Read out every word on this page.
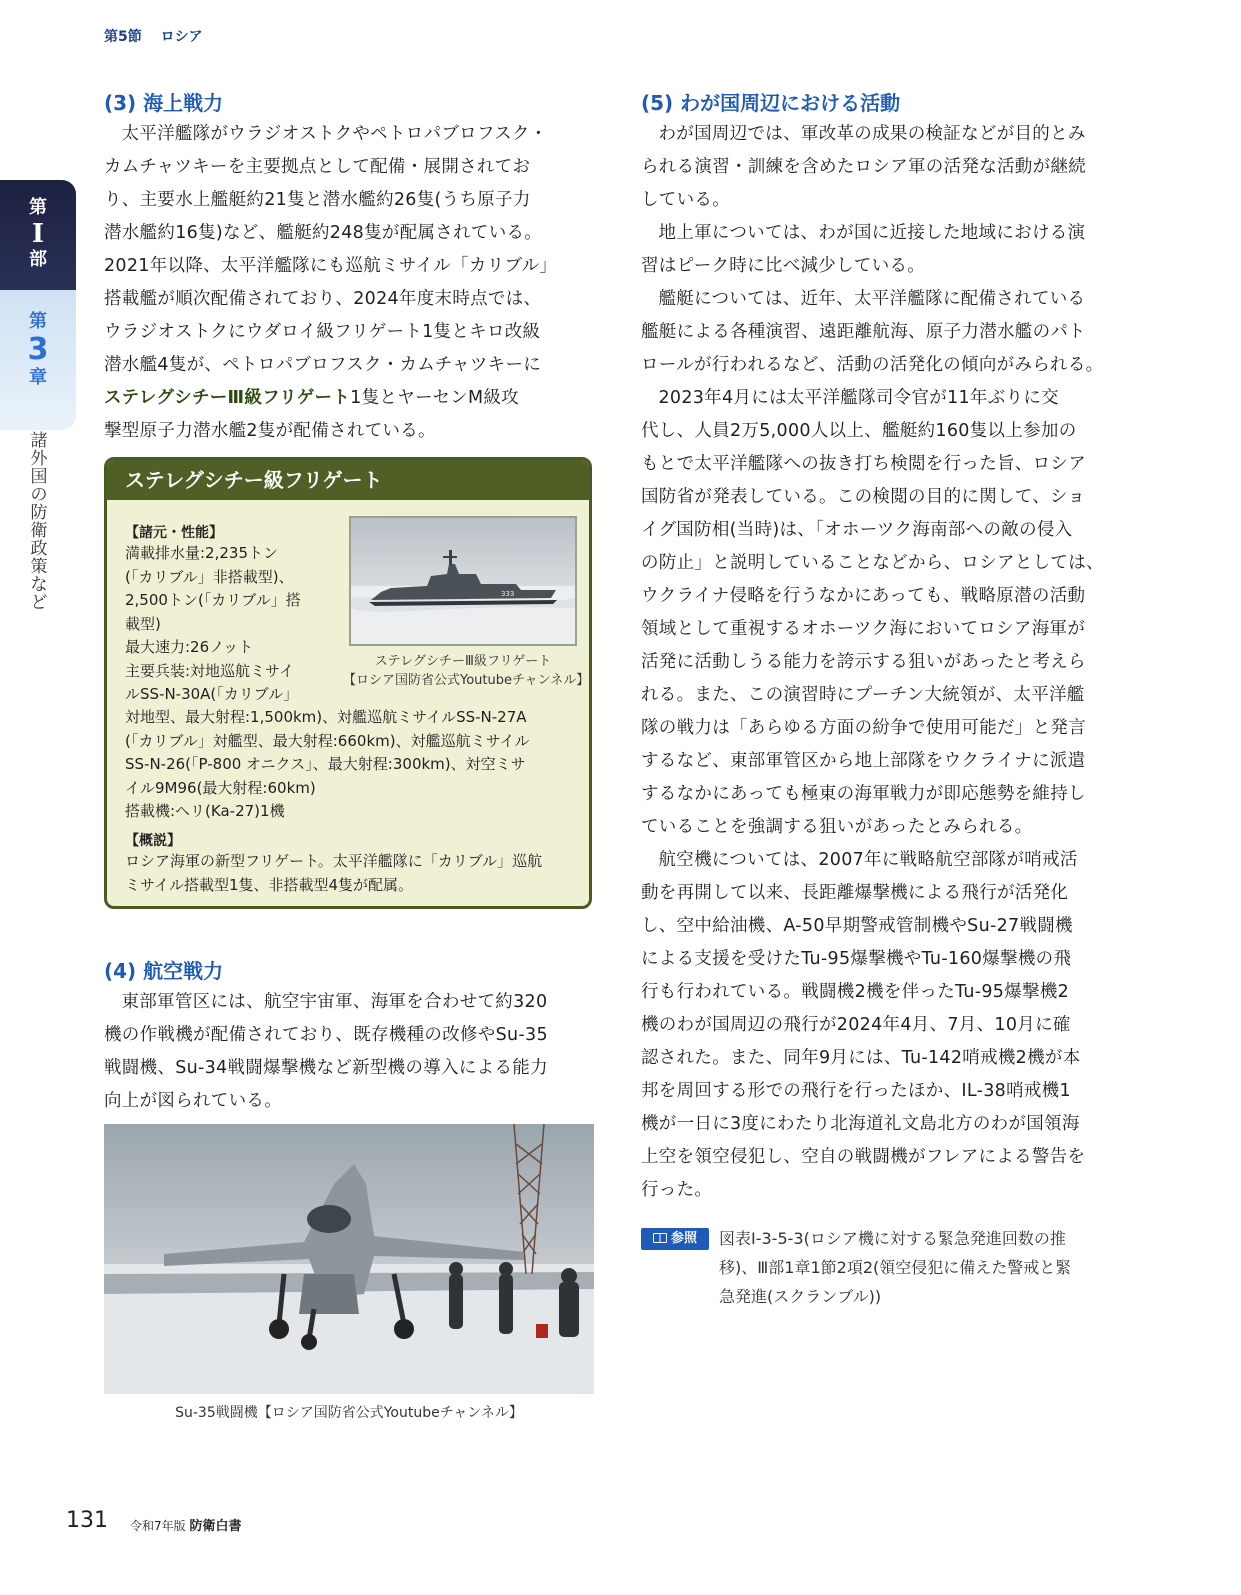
第5節 ロシア
第
I
部
第
3
章
諸
外
国
の
防
衛
政
策
な
ど
(3) 海上戦力
太平洋艦隊がウラジオストクやペトロパブロフスク・
カムチャツキーを主要拠点として配備・展開されてお
り、主要水上艦艇約21隻と潜水艦約26隻(うち原子力
潜水艦約16隻)など、艦艇約248隻が配属されている。
2021年以降、太平洋艦隊にも巡航ミサイル「カリブル」
搭載艦が順次配備されており、2024年度末時点では、
ウラジオストクにウダロイ級フリゲート1隻とキロ改級
潜水艦4隻が、ペトロパブロフスク・カムチャツキーに
ステレグシチーⅢ級フリゲート1隻とヤーセンM級攻
撃型原子力潜水艦2隻が配備されている。
ステレグシチー級フリゲート
【諸元・性能】
満載排水量:2,235トン
(「カリブル」非搭載型)、
2,500トン(「カリブル」搭
載型)
最大速力:26ノット
主要兵装:対地巡航ミサイ
ルSS-N-30A(「カリブル」
対地型、最大射程:1,500km)、対艦巡航ミサイルSS-N-27A
(「カリブル」対艦型、最大射程:660km)、対艦巡航ミサイル
SS-N-26(「P-800 オニクス」、最大射程:300km)、対空ミサ
イル9M96(最大射程:60km)
搭載機:ヘリ(Ka-27)1機
【概説】
ロシア海軍の新型フリゲート。太平洋艦隊に「カリブル」巡航
ミサイル搭載型1隻、非搭載型4隻が配属。
333
ステレグシチーⅢ級フリゲート
【ロシア国防省公式Youtubeチャンネル】
(4) 航空戦力
東部軍管区には、航空宇宙軍、海軍を合わせて約320
機の作戦機が配備されており、既存機種の改修やSu-35
戦闘機、Su-34戦闘爆撃機など新型機の導入による能力
向上が図られている。
Su-35戦闘機【ロシア国防省公式Youtubeチャンネル】
(5) わが国周辺における活動
わが国周辺では、軍改革の成果の検証などが目的とみ
られる演習・訓練を含めたロシア軍の活発な活動が継続
している。
地上軍については、わが国に近接した地域における演
習はピーク時に比べ減少している。
艦艇については、近年、太平洋艦隊に配備されている
艦艇による各種演習、遠距離航海、原子力潜水艦のパト
ロールが行われるなど、活動の活発化の傾向がみられる。
2023年4月には太平洋艦隊司令官が11年ぶりに交
代し、人員2万5,000人以上、艦艇約160隻以上参加の
もとで太平洋艦隊への抜き打ち検閲を行った旨、ロシア
国防省が発表している。この検閲の目的に関して、ショ
イグ国防相(当時)は、「オホーツク海南部への敵の侵入
の防止」と説明していることなどから、ロシアとしては、
ウクライナ侵略を行うなかにあっても、戦略原潜の活動
領域として重視するオホーツク海においてロシア海軍が
活発に活動しうる能力を誇示する狙いがあったと考えら
れる。また、この演習時にプーチン大統領が、太平洋艦
隊の戦力は「あらゆる方面の紛争で使用可能だ」と発言
するなど、東部軍管区から地上部隊をウクライナに派遣
するなかにあっても極東の海軍戦力が即応態勢を維持し
ていることを強調する狙いがあったとみられる。
航空機については、2007年に戦略航空部隊が哨戒活
動を再開して以来、長距離爆撃機による飛行が活発化
し、空中給油機、A-50早期警戒管制機やSu-27戦闘機
による支援を受けたTu-95爆撃機やTu-160爆撃機の飛
行も行われている。戦闘機2機を伴ったTu-95爆撃機2
機のわが国周辺の飛行が2024年4月、7月、10月に確
認された。また、同年9月には、Tu-142哨戒機2機が本
邦を周回する形での飛行を行ったほか、IL-38哨戒機1
機が一日に3度にわたり北海道礼文島北方のわが国領海
上空を領空侵犯し、空自の戦闘機がフレアによる警告を
行った。
参照	図表Ⅰ-3-5-3(ロシア機に対する緊急発進回数の推
移)、Ⅲ部1章1節2項2(領空侵犯に備えた警戒と緊
急発進(スクランブル))
131 令和7年版 防衛白書
